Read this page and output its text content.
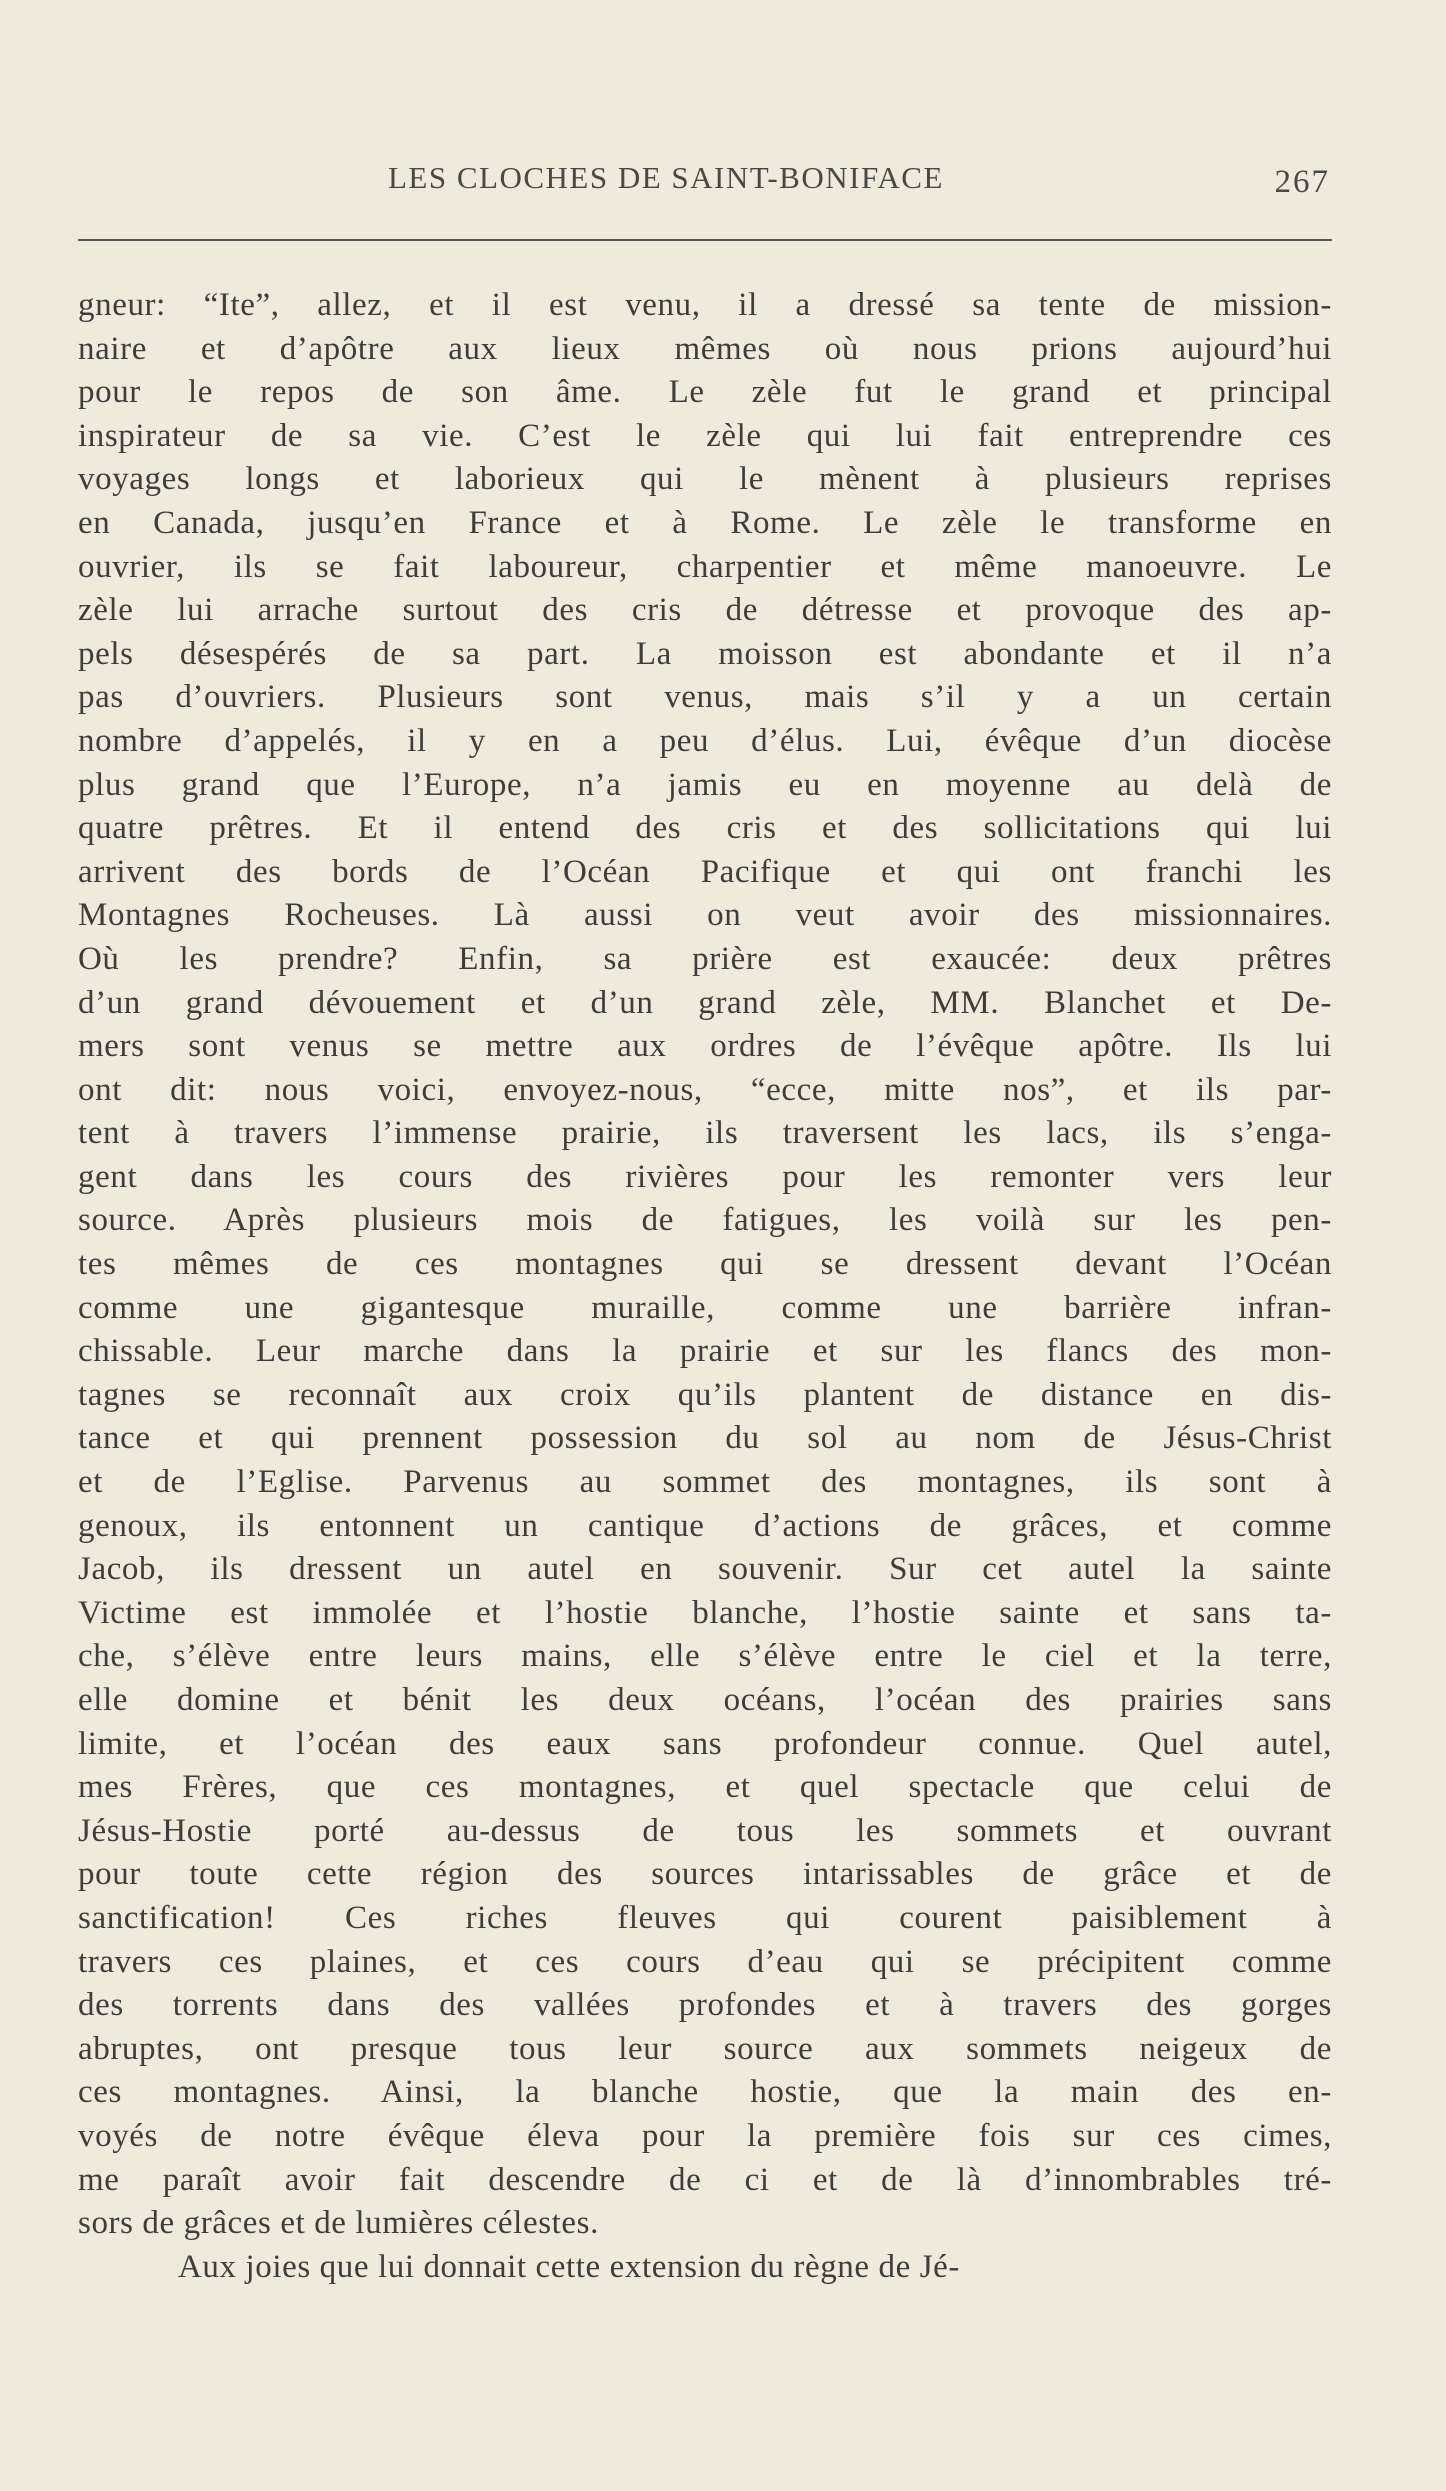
LES CLOCHES DE SAINT-BONIFACE	267
gneur: “Ite”, allez, et il est venu, il a dressé sa tente de mission-
naire et d’apôtre aux lieux mêmes où nous prions aujourd’hui
pour le repos de son âme. Le zèle fut le grand et principal
inspirateur de sa vie. C’est le zèle qui lui fait entreprendre ces
voyages longs et laborieux qui le mènent à plusieurs reprises
en Canada, jusqu’en France et à Rome. Le zèle le transforme en
ouvrier, ils se fait laboureur, charpentier et même manoeuvre. Le
zèle lui arrache surtout des cris de détresse et provoque des ap-
pels désespérés de sa part. La moisson est abondante et il n’a
pas d’ouvriers. Plusieurs sont venus, mais s’il y a un certain
nombre d’appelés, il y en a peu d’élus. Lui, évêque d’un diocèse
plus grand que l’Europe, n’a jamis eu en moyenne au delà de
quatre prêtres. Et il entend des cris et des sollicitations qui lui
arrivent des bords de l’Océan Pacifique et qui ont franchi les
Montagnes Rocheuses. Là aussi on veut avoir des missionnaires.
Où les prendre? Enfin, sa prière est exaucée: deux prêtres
d’un grand dévouement et d’un grand zèle, MM. Blanchet et De-
mers sont venus se mettre aux ordres de l’évêque apôtre. Ils lui
ont dit: nous voici, envoyez-nous, “ecce, mitte nos”, et ils par-
tent à travers l’immense prairie, ils traversent les lacs, ils s’enga-
gent dans les cours des rivières pour les remonter vers leur
source. Après plusieurs mois de fatigues, les voilà sur les pen-
tes mêmes de ces montagnes qui se dressent devant l’Océan
comme une gigantesque muraille, comme une barrière infran-
chissable. Leur marche dans la prairie et sur les flancs des mon-
tagnes se reconnaît aux croix qu’ils plantent de distance en dis-
tance et qui prennent possession du sol au nom de Jésus-Christ
et de l’Eglise. Parvenus au sommet des montagnes, ils sont à
genoux, ils entonnent un cantique d’actions de grâces, et comme
Jacob, ils dressent un autel en souvenir. Sur cet autel la sainte
Victime est immolée et l’hostie blanche, l’hostie sainte et sans ta-
che, s’élève entre leurs mains, elle s’élève entre le ciel et la terre,
elle domine et bénit les deux océans, l’océan des prairies sans
limite, et l’océan des eaux sans profondeur connue. Quel autel,
mes Frères, que ces montagnes, et quel spectacle que celui de
Jésus-Hostie porté au-dessus de tous les sommets et ouvrant
pour toute cette région des sources intarissables de grâce et de
sanctification! Ces riches fleuves qui courent paisiblement à
travers ces plaines, et ces cours d’eau qui se précipitent comme
des torrents dans des vallées profondes et à travers des gorges
abruptes, ont presque tous leur source aux sommets neigeux de
ces montagnes. Ainsi, la blanche hostie, que la main des en-
voyés de notre évêque éleva pour la première fois sur ces cimes,
me paraît avoir fait descendre de ci et de là d’innombrables tré-
sors de grâces et de lumières célestes.
Aux joies que lui donnait cette extension du règne de Jé-
